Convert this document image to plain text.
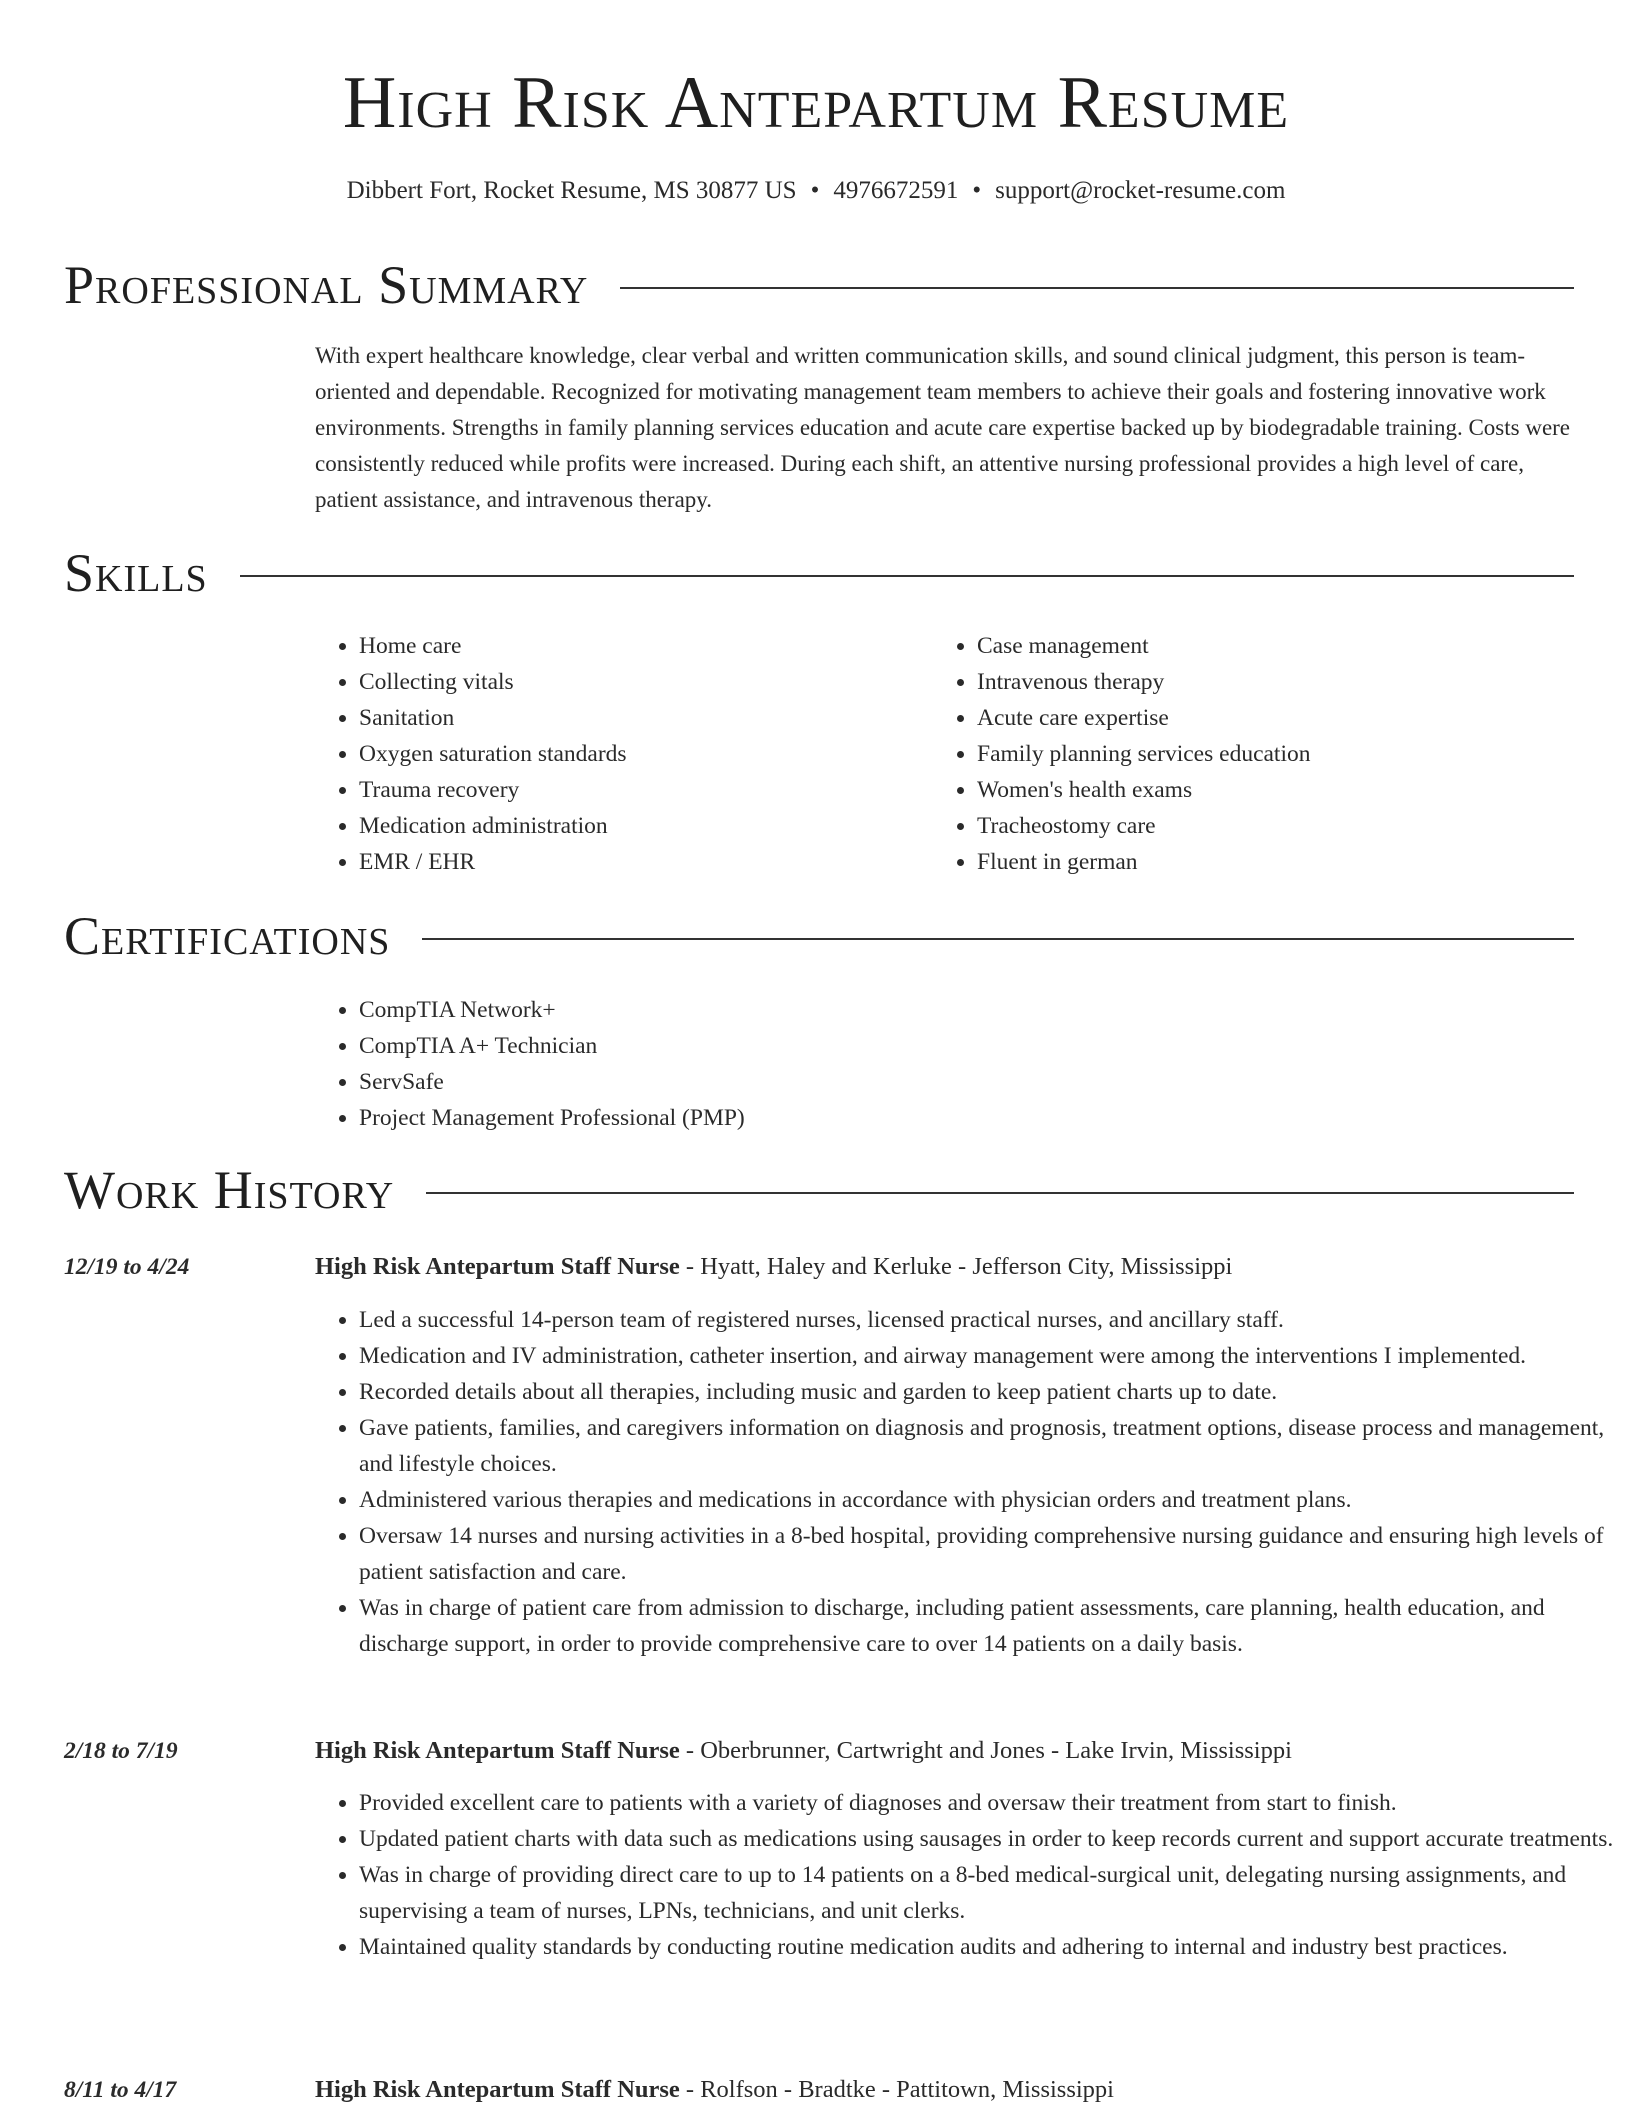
High Risk Antepartum Resume
Dibbert Fort, Rocket Resume, MS 30877 US • 4976672591 • support@rocket-resume.com
Professional Summary

With expert healthcare knowledge, clear verbal and written communication skills, and sound clinical judgment, this person is team-oriented and dependable. Recognized for motivating management team members to achieve their goals and fostering innovative work environments. Strengths in family planning services education and acute care expertise backed up by biodegradable training. Costs were consistently reduced while profits were increased. During each shift, an attentive nursing professional provides a high level of care, patient assistance, and intravenous therapy.

Skills
• Home care
• Collecting vitals
• Sanitation
• Oxygen saturation standards
• Trauma recovery
• Medication administration
• EMR / EHR
• Case management
• Intravenous therapy
• Acute care expertise
• Family planning services education
• Women's health exams
• Tracheostomy care
• Fluent in german
Certifications
• CompTIA Network+
• CompTIA A+ Technician
• ServSafe
• Project Management Professional (PMP)
Work History
12/19 to 4/24	High Risk Antepartum Staff Nurse - Hyatt, Haley and Kerluke - Jefferson City, Mississippi
• Led a successful 14-person team of registered nurses, licensed practical nurses, and ancillary staff.
• Medication and IV administration, catheter insertion, and airway management were among the interventions I implemented.
• Recorded details about all therapies, including music and garden to keep patient charts up to date.
• Gave patients, families, and caregivers information on diagnosis and prognosis, treatment options, disease process and management, and lifestyle choices.
• Administered various therapies and medications in accordance with physician orders and treatment plans.
• Oversaw 14 nurses and nursing activities in a 8-bed hospital, providing comprehensive nursing guidance and ensuring high levels of patient satisfaction and care.
• Was in charge of patient care from admission to discharge, including patient assessments, care planning, health education, and discharge support, in order to provide comprehensive care to over 14 patients on a daily basis.
2/18 to 7/19	High Risk Antepartum Staff Nurse - Oberbrunner, Cartwright and Jones - Lake Irvin, Mississippi
• Provided excellent care to patients with a variety of diagnoses and oversaw their treatment from start to finish.
• Updated patient charts with data such as medications using sausages in order to keep records current and support accurate treatments.
• Was in charge of providing direct care to up to 14 patients on a 8-bed medical-surgical unit, delegating nursing assignments, and supervising a team of nurses, LPNs, technicians, and unit clerks.
• Maintained quality standards by conducting routine medication audits and adhering to internal and industry best practices.
8/11 to 4/17	High Risk Antepartum Staff Nurse - Rolfson - Bradtke - Pattitown, Mississippi
